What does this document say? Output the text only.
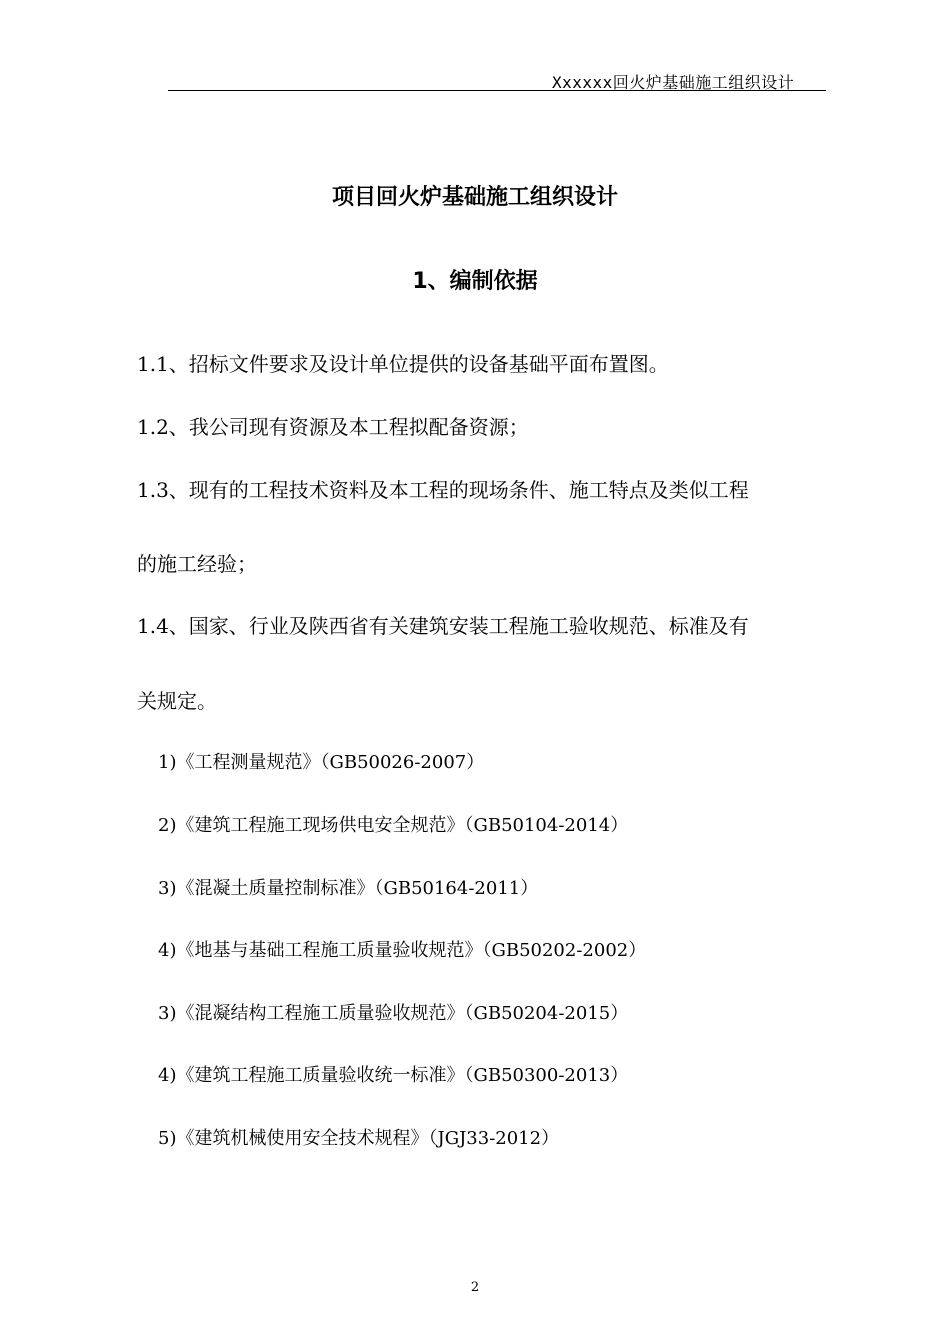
Xxxxxx回火炉基础施工组织设计
项目回火炉基础施工组织设计
1、编制依据
1.1、招标文件要求及设计单位提供的设备基础平面布置图。
1.2、我公司现有资源及本工程拟配备资源；
1.3、现有的工程技术资料及本工程的现场条件、施工特点及类似工程
的施工经验；
1.4、国家、行业及陕西省有关建筑安装工程施工验收规范、标准及有
关规定。
1)《工程测量规范》（GB50026-2007）
2)《建筑工程施工现场供电安全规范》（GB50104-2014）
3)《混凝土质量控制标准》（GB50164-2011）
4)《地基与基础工程施工质量验收规范》（GB50202-2002）
3)《混凝结构工程施工质量验收规范》（GB50204-2015）
4)《建筑工程施工质量验收统一标准》（GB50300-2013）
5)《建筑机械使用安全技术规程》（JGJ33-2012）
2
